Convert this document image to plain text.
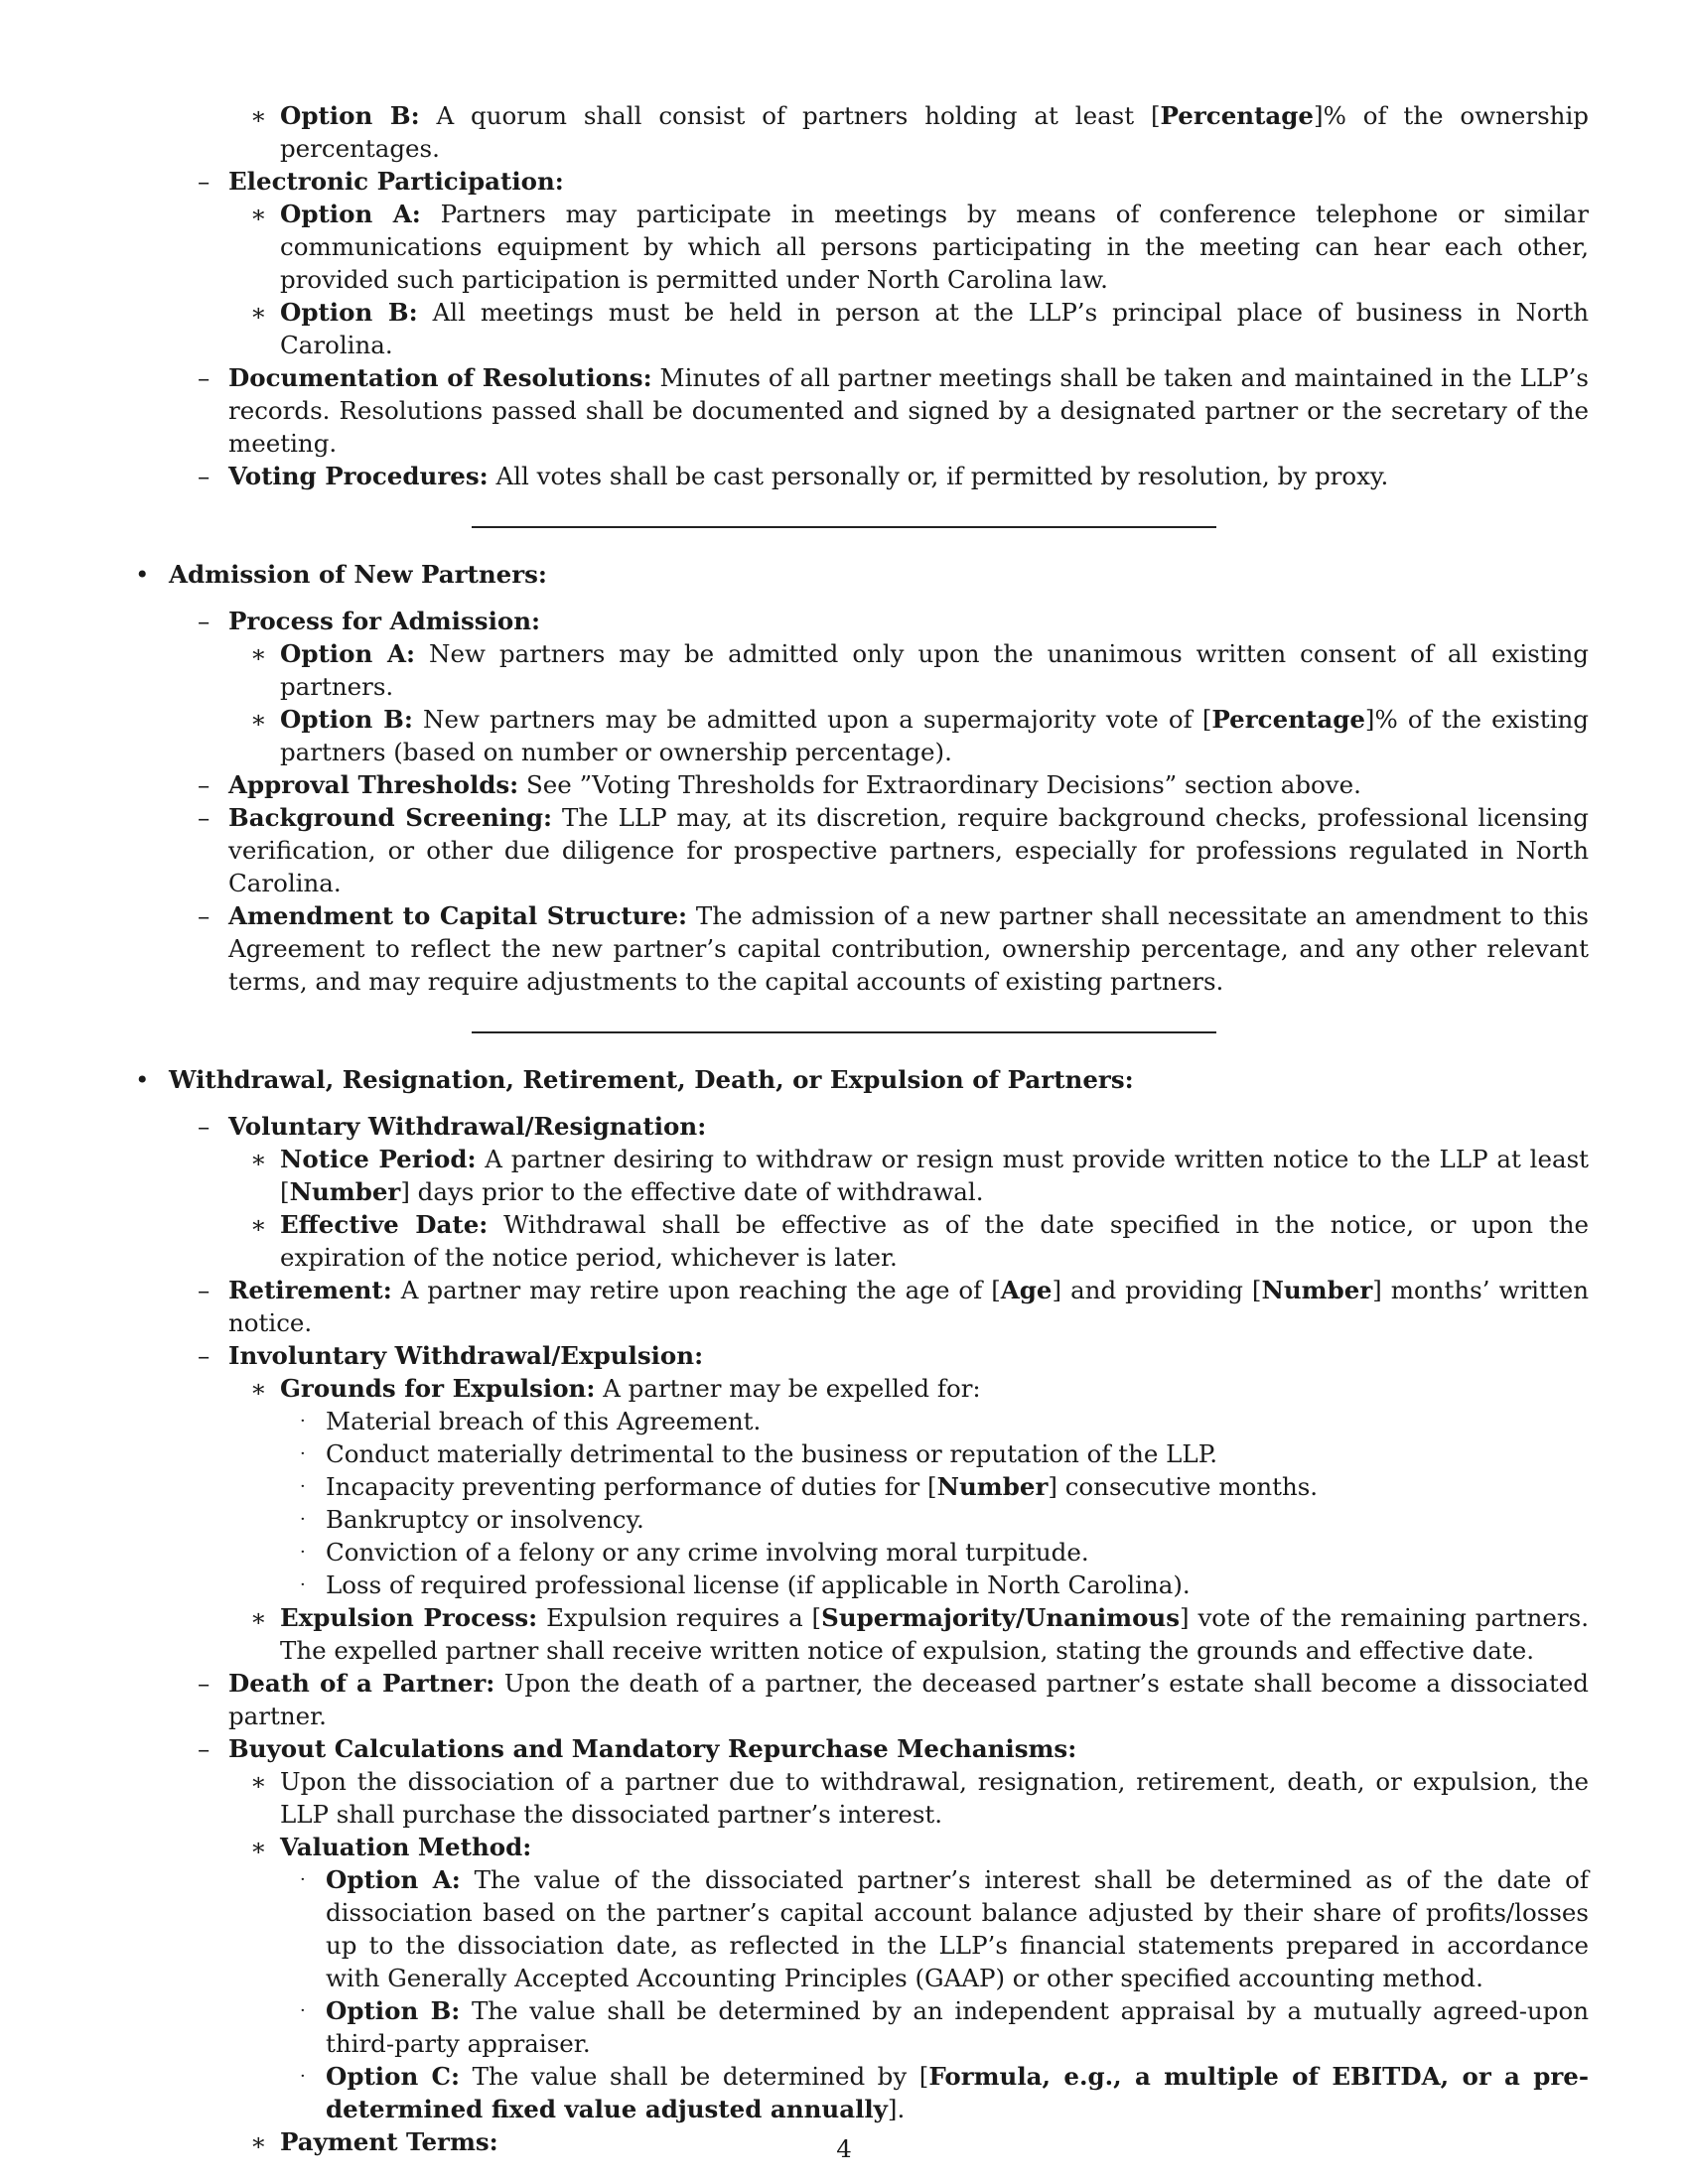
∗ Option B: A quorum shall consist of partners holding at least [Percentage]% of the ownership percentages.
– Electronic Participation:
∗ Option A: Partners may participate in meetings by means of conference telephone or similar communications equipment by which all persons participating in the meeting can hear each other, provided such participation is permitted under North Carolina law.
∗ Option B: All meetings must be held in person at the LLP’s principal place of business in North Carolina.
– Documentation of Resolutions: Minutes of all partner meetings shall be taken and maintained in the LLP’s records. Resolutions passed shall be documented and signed by a designated partner or the secretary of the meeting.
– Voting Procedures: All votes shall be cast personally or, if permitted by resolution, by proxy.
• Admission of New Partners:
– Process for Admission:
∗ Option A: New partners may be admitted only upon the unanimous written consent of all existing partners.
∗ Option B: New partners may be admitted upon a supermajority vote of [Percentage]% of the existing partners (based on number or ownership percentage).
– Approval Thresholds: See ”Voting Thresholds for Extraordinary Decisions” section above.
– Background Screening: The LLP may, at its discretion, require background checks, professional licensing verification, or other due diligence for prospective partners, especially for professions regulated in North Carolina.
– Amendment to Capital Structure: The admission of a new partner shall necessitate an amendment to this Agreement to reflect the new partner’s capital contribution, ownership percentage, and any other relevant terms, and may require adjustments to the capital accounts of existing partners.
• Withdrawal, Resignation, Retirement, Death, or Expulsion of Partners:
– Voluntary Withdrawal/Resignation:
∗ Notice Period: A partner desiring to withdraw or resign must provide written notice to the LLP at least [Number] days prior to the effective date of withdrawal.
∗ Effective Date: Withdrawal shall be effective as of the date specified in the notice, or upon the expiration of the notice period, whichever is later.
– Retirement: A partner may retire upon reaching the age of [Age] and providing [Number] months’ written notice.
– Involuntary Withdrawal/Expulsion:
∗ Grounds for Expulsion: A partner may be expelled for:
· Material breach of this Agreement.
· Conduct materially detrimental to the business or reputation of the LLP.
· Incapacity preventing performance of duties for [Number] consecutive months.
· Bankruptcy or insolvency.
· Conviction of a felony or any crime involving moral turpitude.
· Loss of required professional license (if applicable in North Carolina).
∗ Expulsion Process: Expulsion requires a [Supermajority/Unanimous] vote of the remaining partners. The expelled partner shall receive written notice of expulsion, stating the grounds and effective date.
– Death of a Partner: Upon the death of a partner, the deceased partner’s estate shall become a dissociated partner.
– Buyout Calculations and Mandatory Repurchase Mechanisms:
∗ Upon the dissociation of a partner due to withdrawal, resignation, retirement, death, or expulsion, the LLP shall purchase the dissociated partner’s interest.
∗ Valuation Method:
· Option A: The value of the dissociated partner’s interest shall be determined as of the date of dissociation based on the partner’s capital account balance adjusted by their share of profits/losses up to the dissociation date, as reflected in the LLP’s financial statements prepared in accordance with Generally Accepted Accounting Principles (GAAP) or other specified accounting method.
· Option B: The value shall be determined by an independent appraisal by a mutually agreed-upon third-party appraiser.
· Option C: The value shall be determined by [Formula, e.g., a multiple of EBITDA, or a pre-determined fixed value adjusted annually].
∗ Payment Terms:	4
